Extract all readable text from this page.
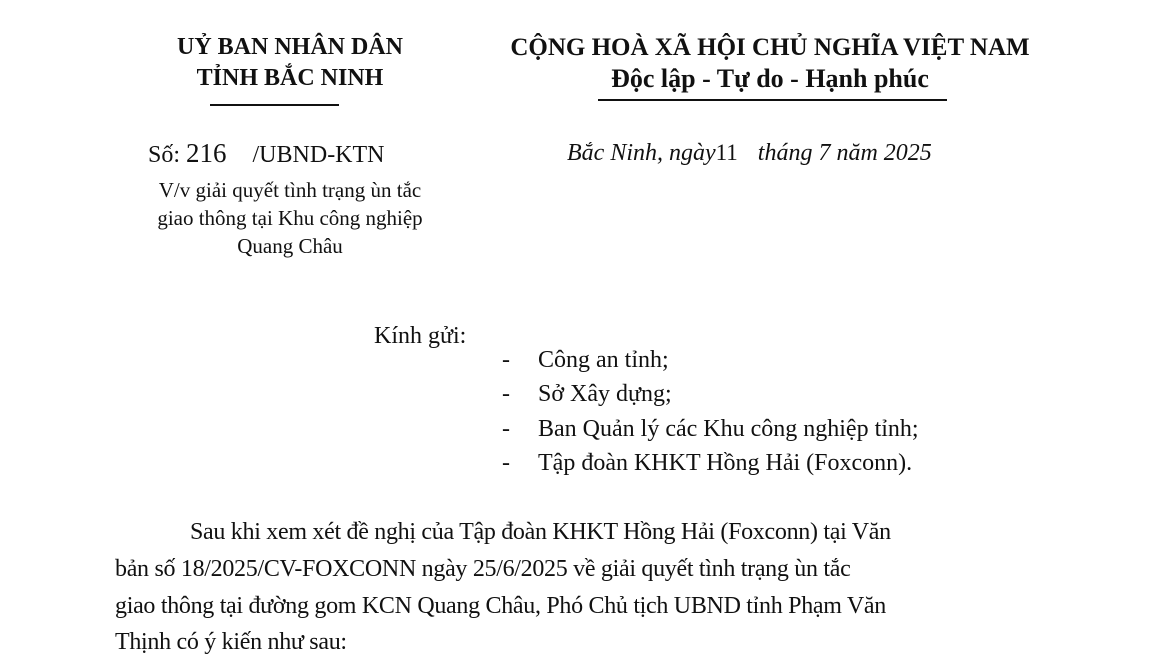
UỶ BAN NHÂN DÂN
TỈNH BẮC NINH
CỘNG HOÀ XÃ HỘI CHỦ NGHĨA VIỆT NAM
Độc lập - Tự do - Hạnh phúc
Số: 216 /UBND-KTN
V/v giải quyết tình trạng ùn tắc
giao thông tại Khu công nghiệp
Quang Châu
Bắc Ninh, ngày11 tháng 7 năm 2025
Kính gửi:
- Công an tỉnh;
- Sở Xây dựng;
- Ban Quản lý các Khu công nghiệp tỉnh;
- Tập đoàn KHKT Hồng Hải (Foxconn).
Sau khi xem xét đề nghị của Tập đoàn KHKT Hồng Hải (Foxconn) tại Văn
bản số 18/2025/CV-FOXCONN ngày 25/6/2025 về giải quyết tình trạng ùn tắc
giao thông tại đường gom KCN Quang Châu, Phó Chủ tịch UBND tỉnh Phạm Văn
Thịnh có ý kiến như sau:
